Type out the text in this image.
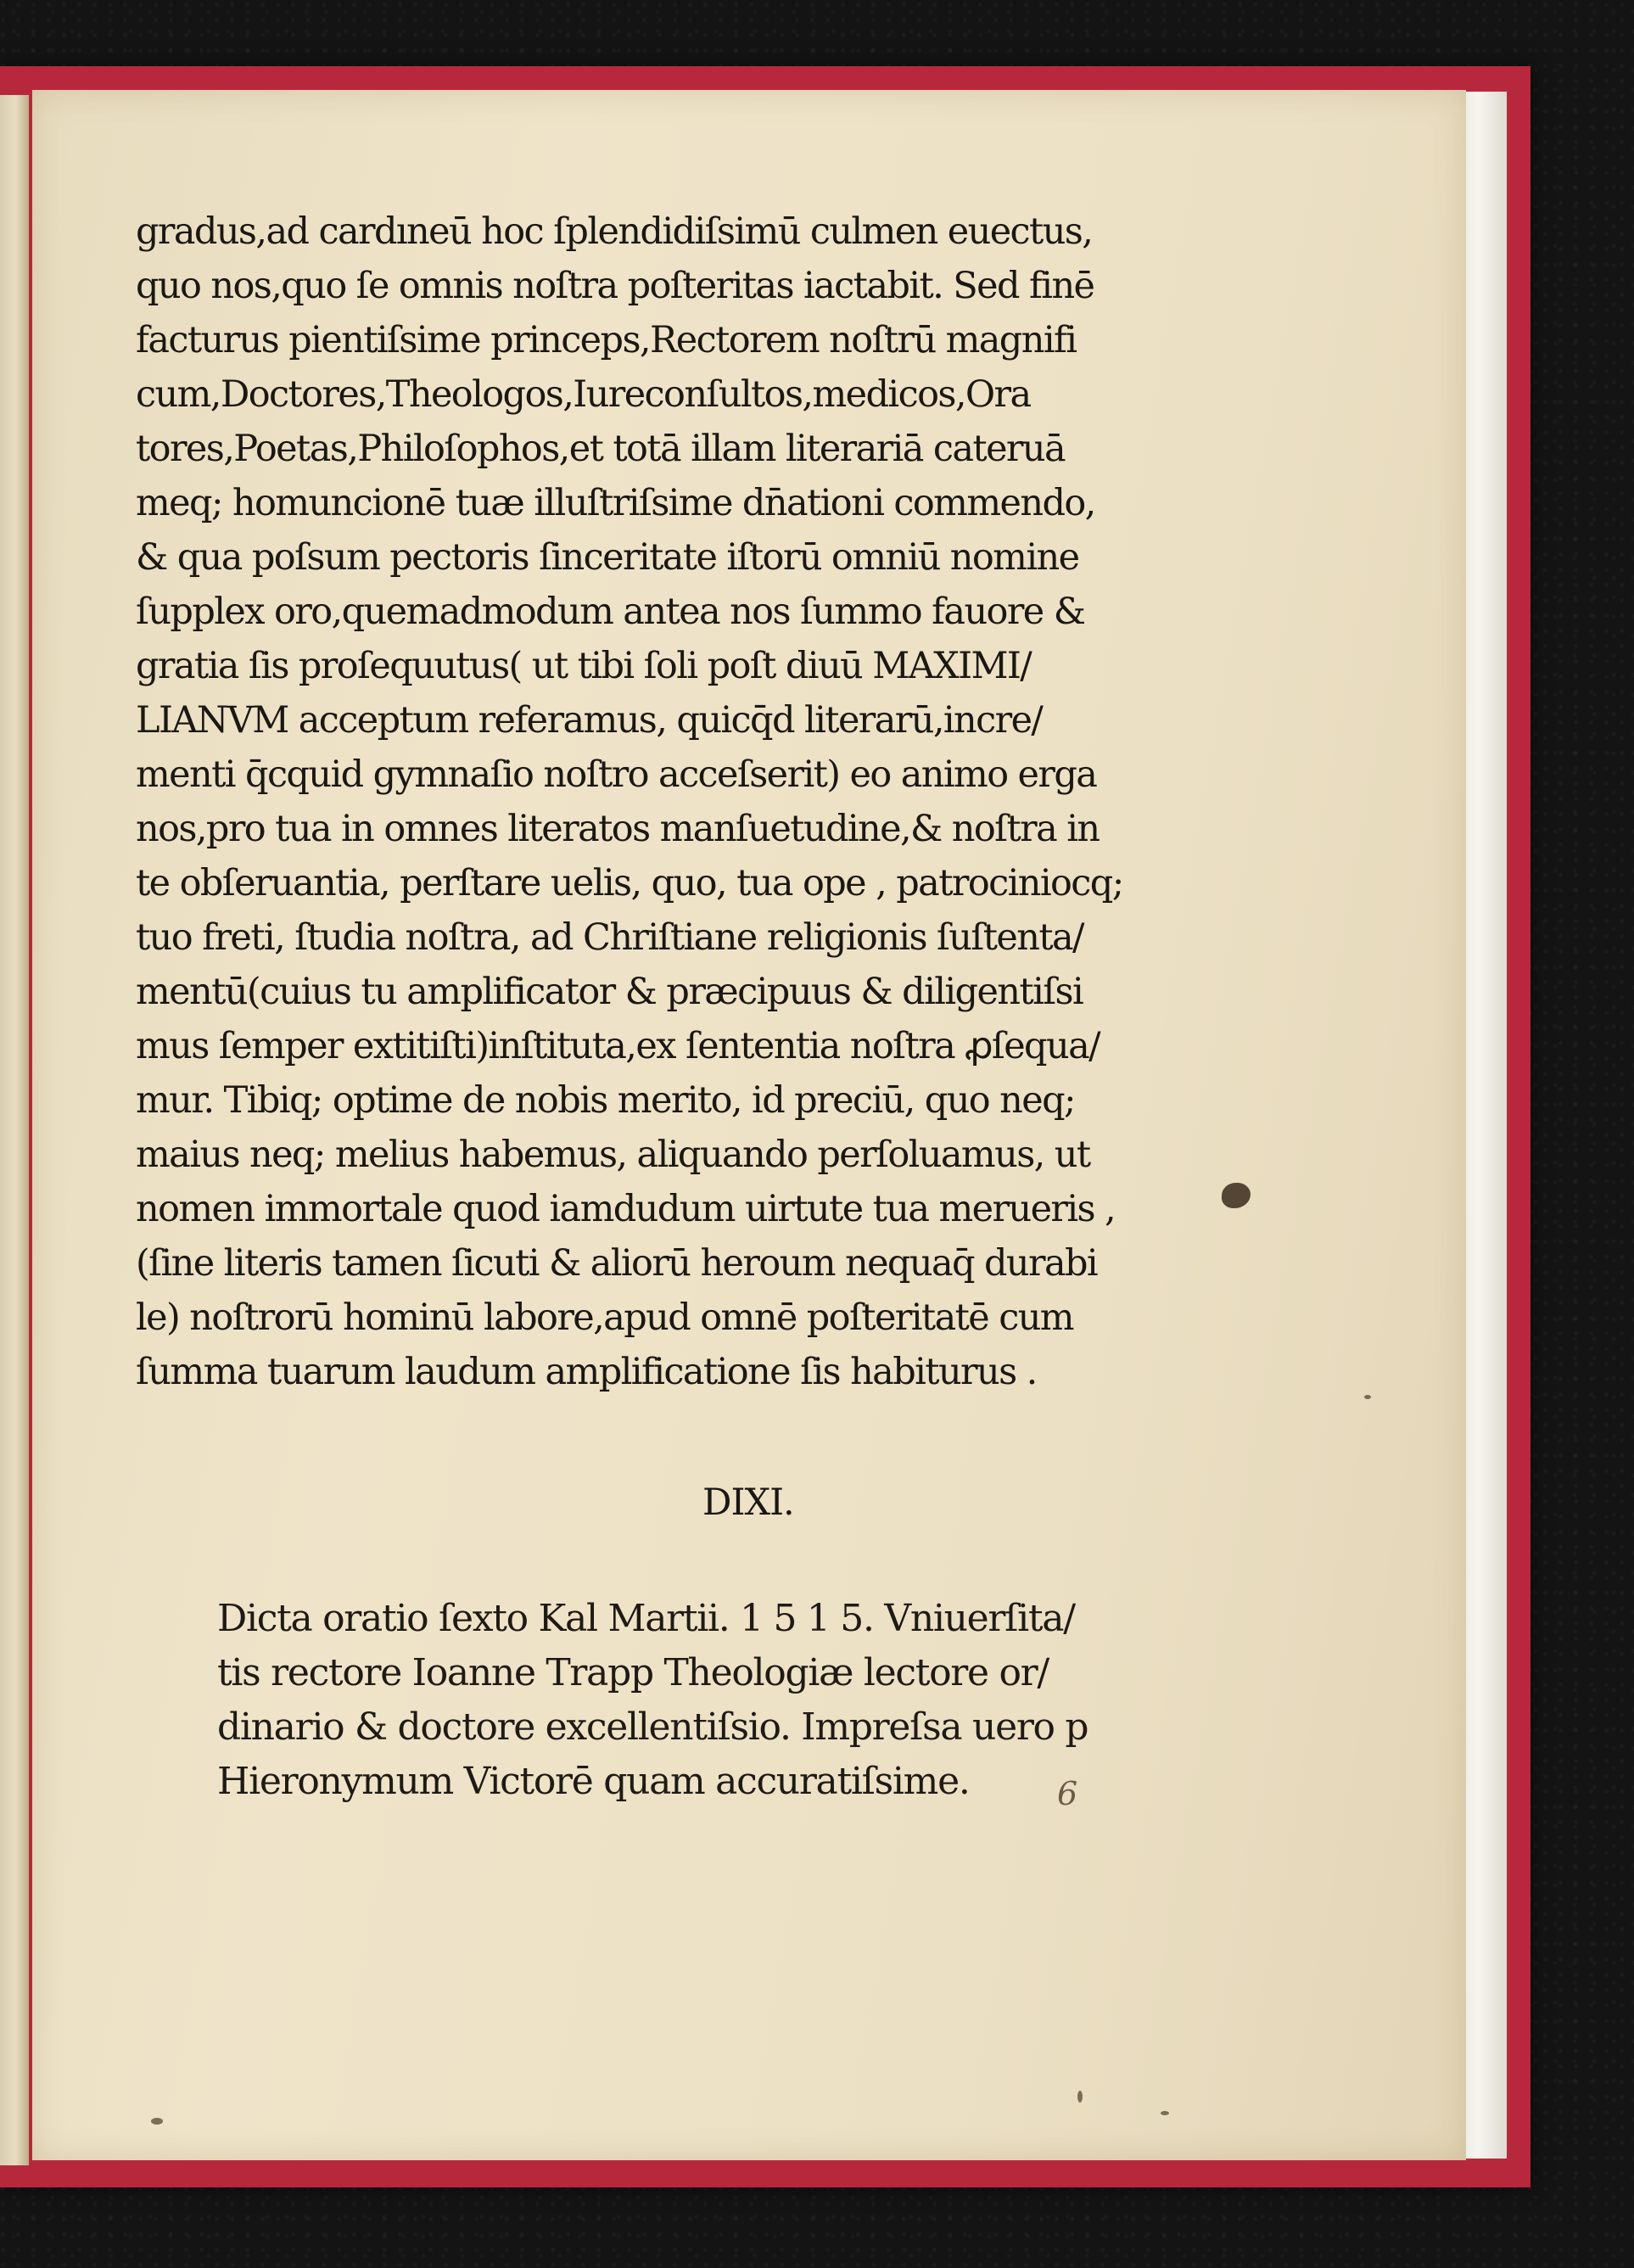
gradus,ad cardıneū hoc ſplendidiſsimū culmen euectus,
quo nos,quo ſe omnis noſtra poſteritas iactabit. Sed finē
facturus pientiſsime princeps,Rectorem noſtrū magnifi
cum,Doctores,Theologos,Iureconſultos,medicos,Ora
tores,Poetas,Philoſophos,et totā illam literariā cateruā
meq; homuncionē tuæ illuſtriſsime dn̄ationi commendo,
& qua poſsum pectoris ſinceritate iſtorū omniū nomine
ſupplex oro,quemadmodum antea nos ſummo fauore &
gratia ſis proſequutus( ut tibi ſoli poſt diuū MAXIMI/
LIANVM acceptum referamus, quicq̄d literarū,incre/
menti q̄cquid gymnaſio noſtro acceſserit) eo animo erga
nos,pro tua in omnes literatos manſuetudine,& noſtra in
te obſeruantia, perſtare uelis, quo, tua ope , patrociniocq;
tuo freti, ſtudia noſtra, ad Chriſtiane religionis ſuſtenta/
mentū(cuius tu amplificator & præcipuus & diligentiſsi
mus ſemper extitiſti)inſtituta,ex ſententia noſtra ꝓſequa/
mur. Tibiq; optime de nobis merito, id preciū, quo neq;
maius neq; melius habemus, aliquando perſoluamus, ut
nomen immortale quod iamdudum uirtute tua merueris ,
(ſine literis tamen ſicuti & aliorū heroum nequaq̄ durabi
le) noſtrorū hominū labore,apud omnē poſteritatē cum
ſumma tuarum laudum amplificatione ſis habiturus .
DIXI.
Dicta oratio ſexto Kal Martii. 1 5 1 5. Vniuerſita/
tis rectore Ioanne Trapp Theologiæ lectore or/
dinario & doctore excellentiſsio. Impreſsa uero p
Hieronymum Victorē quam accuratiſsime.	6
